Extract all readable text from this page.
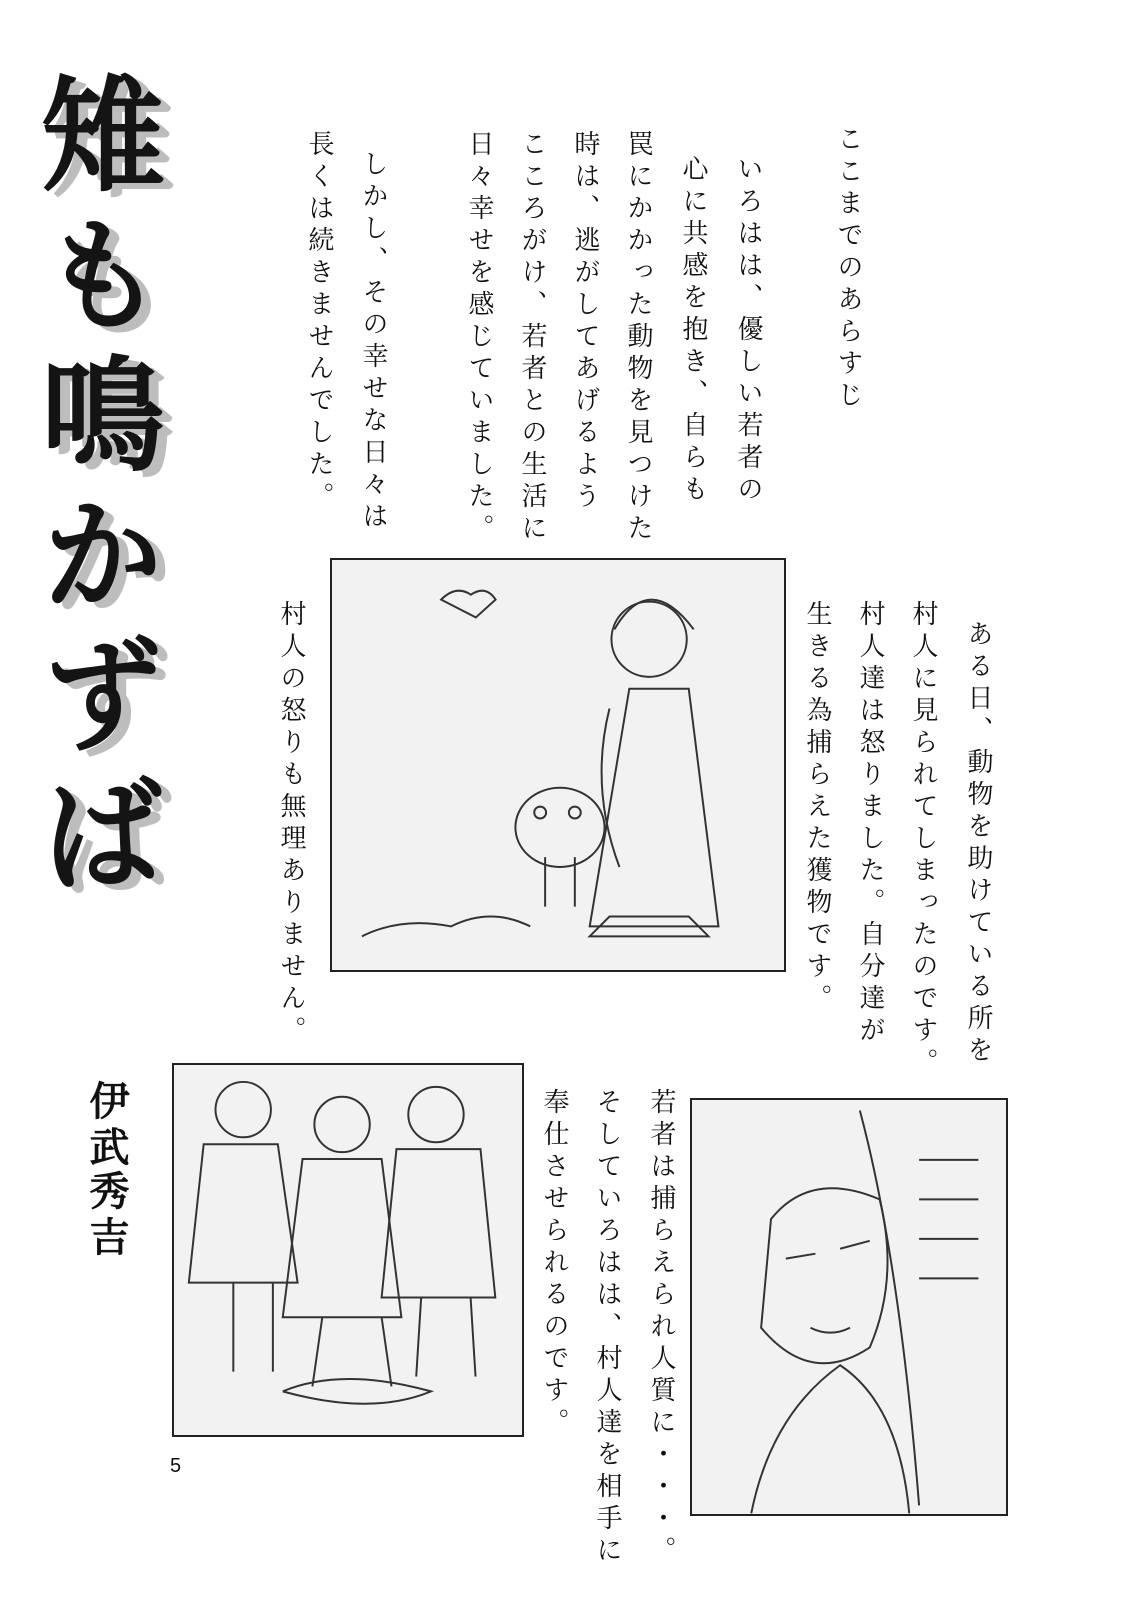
雉も鳴かずば
伊武
秀吉
ここまでのあらすじ
いろはは、優しい若者の
心に共感を抱き、自らも
罠にかかった動物を見つけた
時は、逃がしてあげるよう
こころがけ、若者との生活に
日々幸せを感じていました。
しかし、その幸せな日々は
長くは続きませんでした。
ある日、動物を助けている所を
村人に見られてしまったのです。
村人達は怒りました。自分達が
生きる為捕らえた獲物です。
村人の怒りも無理ありません。
若者は捕らえられ人質に・・・。
そしていろはは、村人達を相手に
奉仕させられるのです。
5
